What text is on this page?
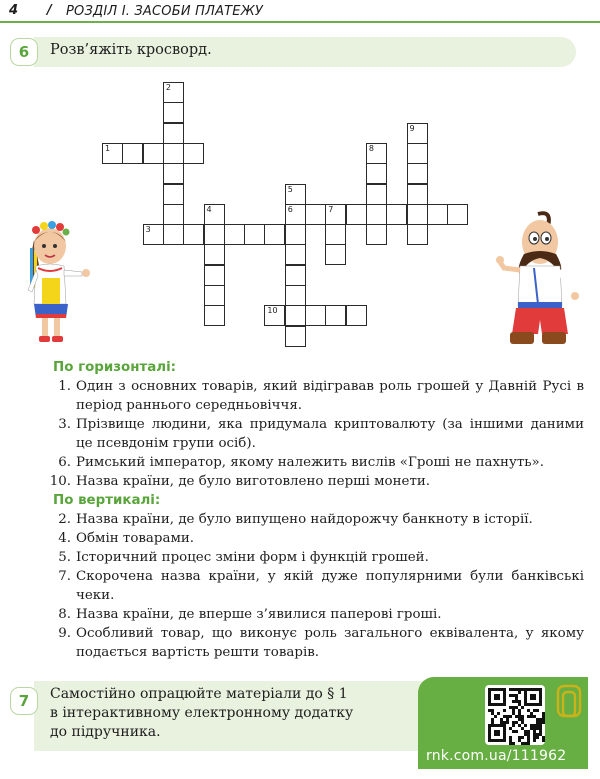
4 / РОЗДІЛ І. ЗАСОБИ ПЛАТЕЖУ
6	Розв’яжіть кросворд.
1
2
3
4
5
6	7
8
9
10
По горизонталі:
1. Один з основних товарів, який відігравав роль грошей у Давній Русі в період раннього середньовіччя.
3. Прізвище людини, яка придумала криптовалюту (за іншими даними це псевдонім групи осіб).
6. Римський імператор, якому належить вислів «Гроші не пахнуть».
10. Назва країни, де було виготовлено перші монети.
По вертикалі:
2. Назва країни, де було випущено найдорожчу банкноту в історії.
4. Обмін товарами.
5. Історичний процес зміни форм і функцій грошей.
7. Скорочена назва країни, у якій дуже популярними були банківські чеки.
8. Назва країни, де вперше з’явилися паперові гроші.
9. Особливий товар, що виконує роль загального еквівалента, у якому подається вартість решти товарів.
7	Самостійно опрацюйте матеріали до § 1
в інтерактивному електронному додатку
до підручника.
rnk.com.ua/111962
